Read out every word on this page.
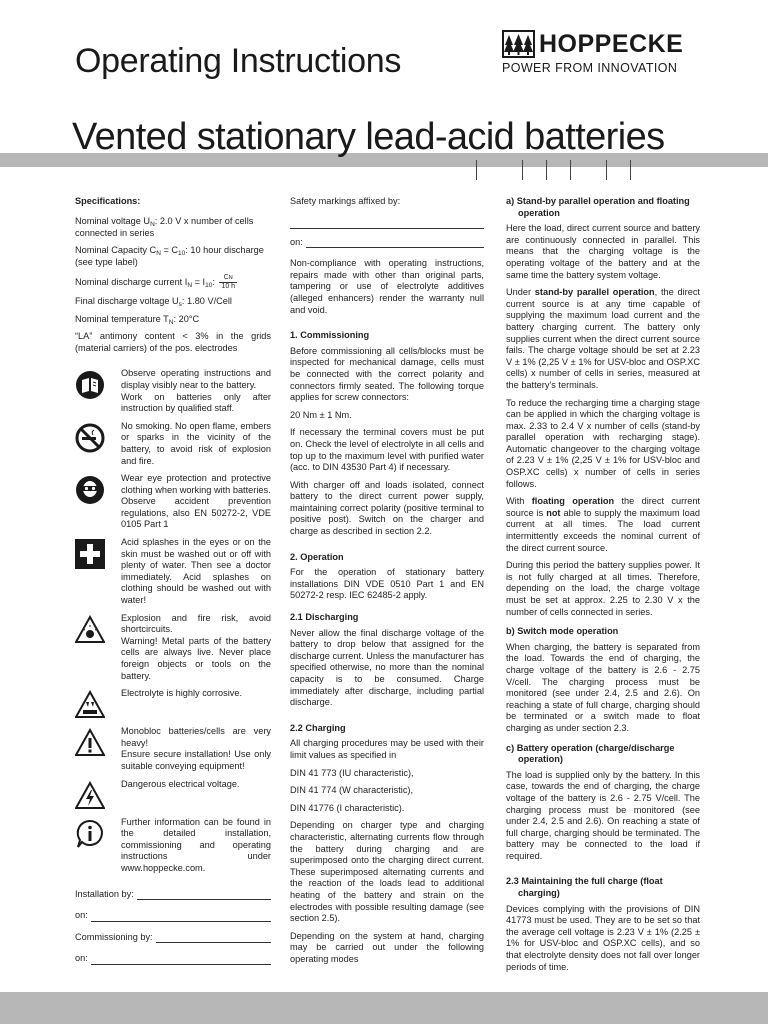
Operating Instructions	HOPPECKE
POWER FROM INNOVATION
Vented stationary lead-acid batteries
Specifications:
Nominal voltage $U_N$: 2.0 V x number of cells connected in series
Nominal Capacity $C_N = C_{10}$: 10 hour discharge (see type label)
Nominal discharge current $I_N = I_{10}$: $\frac{CN}{10 h}$
Final discharge voltage $U_s$: 1.80 V/Cell
Nominal temperature $T_N$: 20°C
“LA” antimony content < 3% in the grids (material carriers) of the pos. electrodes
Observe operating instructions and display visibly near to the battery.
Work on batteries only after instruction by qualified staff.
No smoking. No open flame, embers or sparks in the vicinity of the battery, to avoid risk of explosion and fire.
Wear eye protection and protective clothing when working with batteries.
Observe accident prevention regulations, also EN 50272-2, VDE 0105 Part 1
Acid splashes in the eyes or on the skin must be washed out or off with plenty of water. Then see a doctor immediately. Acid splashes on clothing should be washed out with water!
Explosion and fire risk, avoid shortcircuits.
Warning! Metal parts of the battery cells are always live. Never place foreign objects or tools on the battery.
Electrolyte is highly corrosive.
Monobloc batteries/cells are very heavy!
Ensure secure installation! Use only suitable conveying equipment!
Dangerous electrical voltage.
Further information can be found in the detailed installation, commissioning and operating instructions under www.hoppecke.com.
Installation by:
on:
Commissioning by:
on:

Safety markings affixed by:

on:

Non-compliance with operating instructions, repairs made with other than original parts, tampering or use of electrolyte additives (alleged enhancers) render the warranty null and void.

1. Commissioning

Before commissioning all cells/blocks must be inspected for mechanical damage, cells must be connected with the correct polarity and connectors firmly seated. The following torque applies for screw connectors:

20 Nm ± 1 Nm.

If necessary the terminal covers must be put on. Check the level of electrolyte in all cells and top up to the maximum level with purified water (acc. to DIN 43530 Part 4) if necessary.

With charger off and loads isolated, connect battery to the direct current power supply, maintaining correct polarity (positive terminal to positive post). Switch on the charger and charge as described in section 2.2.

2. Operation

For the operation of stationary battery installations DIN VDE 0510 Part 1 and EN 50272-2 resp. IEC 62485-2 apply.

2.1 Discharging

Never allow the final discharge voltage of the battery to drop below that assigned for the discharge current. Unless the manufacturer has specified otherwise, no more than the nominal capacity is to be consumed. Charge immediately after discharge, including partial discharge.

2.2 Charging

All charging procedures may be used with their limit values as specified in

DIN 41 773 (IU characteristic),

DIN 41 774 (W characteristic),

DIN 41776 (I characteristic).

Depending on charger type and charging characteristic, alternating currents flow through the battery during charging and are superimposed onto the charging direct current. These superimposed alternating currents and the reaction of the loads lead to additional heating of the battery and strain on the electrodes with possible resulting damage (see section 2.5).

Depending on the system at hand, charging may be carried out under the following operating modes

a) Stand-by parallel operation and floating operation

Here the load, direct current source and battery are continuously connected in parallel. This means that the charging voltage is the operating voltage of the battery and at the same time the battery system voltage.

Under stand-by parallel operation, the direct current source is at any time capable of supplying the maximum load current and the battery charging current. The battery only supplies current when the direct current source fails. The charge voltage should be set at 2.23 V ± 1% (2,25 V ± 1% for USV-bloc and OSP.XC cells) x number of cells in series, measured at the battery’s terminals.

To reduce the recharging time a charging stage can be applied in which the charging voltage is max. 2.33 to 2.4 V x number of cells (stand-by parallel operation with recharging stage). Automatic changeover to the charging voltage of 2.23 V ± 1% (2,25 V ± 1% for USV-bloc and OSP.XC cells) x number of cells in series follows.

With floating operation the direct current source is not able to supply the maximum load current at all times. The load current intermittently exceeds the nominal current of the direct current source.

During this period the battery supplies power. It is not fully charged at all times. Therefore, depending on the load, the charge voltage must be set at approx. 2.25 to 2.30 V x the number of cells connected in series.

b) Switch mode operation

When charging, the battery is separated from the load. Towards the end of charging, the charge voltage of the battery is 2.6 - 2.75 V/cell. The charging process must be monitored (see under 2.4, 2.5 and 2.6). On reaching a state of full charge, charging should be terminated or a switch made to float charging as under section 2.3.

c) Battery operation (charge/discharge operation)

The load is supplied only by the battery. In this case, towards the end of charging, the charge voltage of the battery is 2.6 - 2.75 V/cell. The charging process must be monitored (see under 2.4, 2.5 and 2.6). On reaching a state of full charge, charging should be terminated. The battery may be connected to the load if required.

2.3 Maintaining the full charge (float charging)

Devices complying with the provisions of DIN 41773 must be used. They are to be set so that the average cell voltage is 2.23 V ± 1% (2.25 ± 1% for USV-bloc and OSP.XC cells), and so that electrolyte density does not fall over longer periods of time.
